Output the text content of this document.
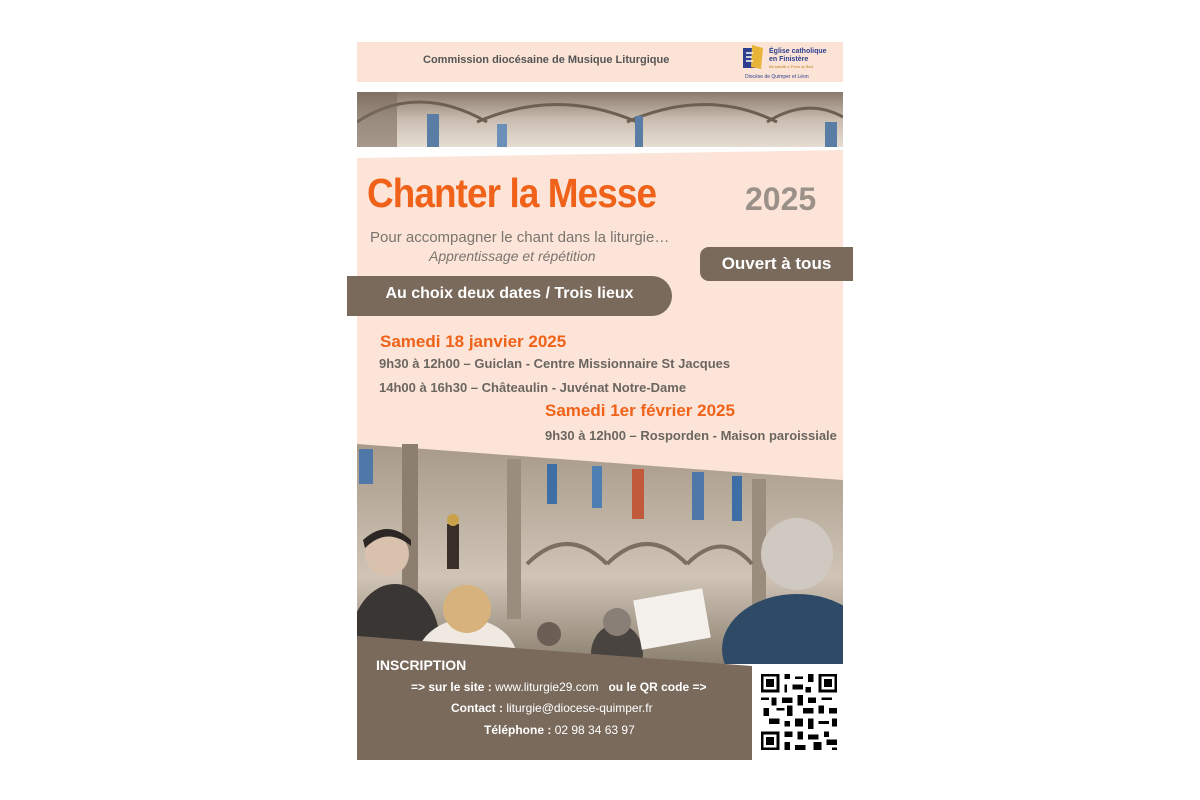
Commission diocésaine de Musique Liturgique
Église catholique
en Finistère
Ilis katolik e Penn ar Bed
Diocèse de Quimper et Léon
Chanter la Messe	2025
Pour accompagner le chant dans la liturgie…
Apprentissage et répétition	Ouvert à tous
Au choix deux dates / Trois lieux
Samedi 18 janvier 2025
9h30 à 12h00 – Guiclan - Centre Missionnaire St Jacques
14h00 à 16h30 – Châteaulin - Juvénat Notre-Dame
Samedi 1er février 2025
9h30 à 12h00 – Rosporden - Maison paroissiale
INSCRIPTION
=> sur le site : www.liturgie29.com ou le QR code =>
Contact : liturgie@diocese-quimper.fr
Téléphone : 02 98 34 63 97
